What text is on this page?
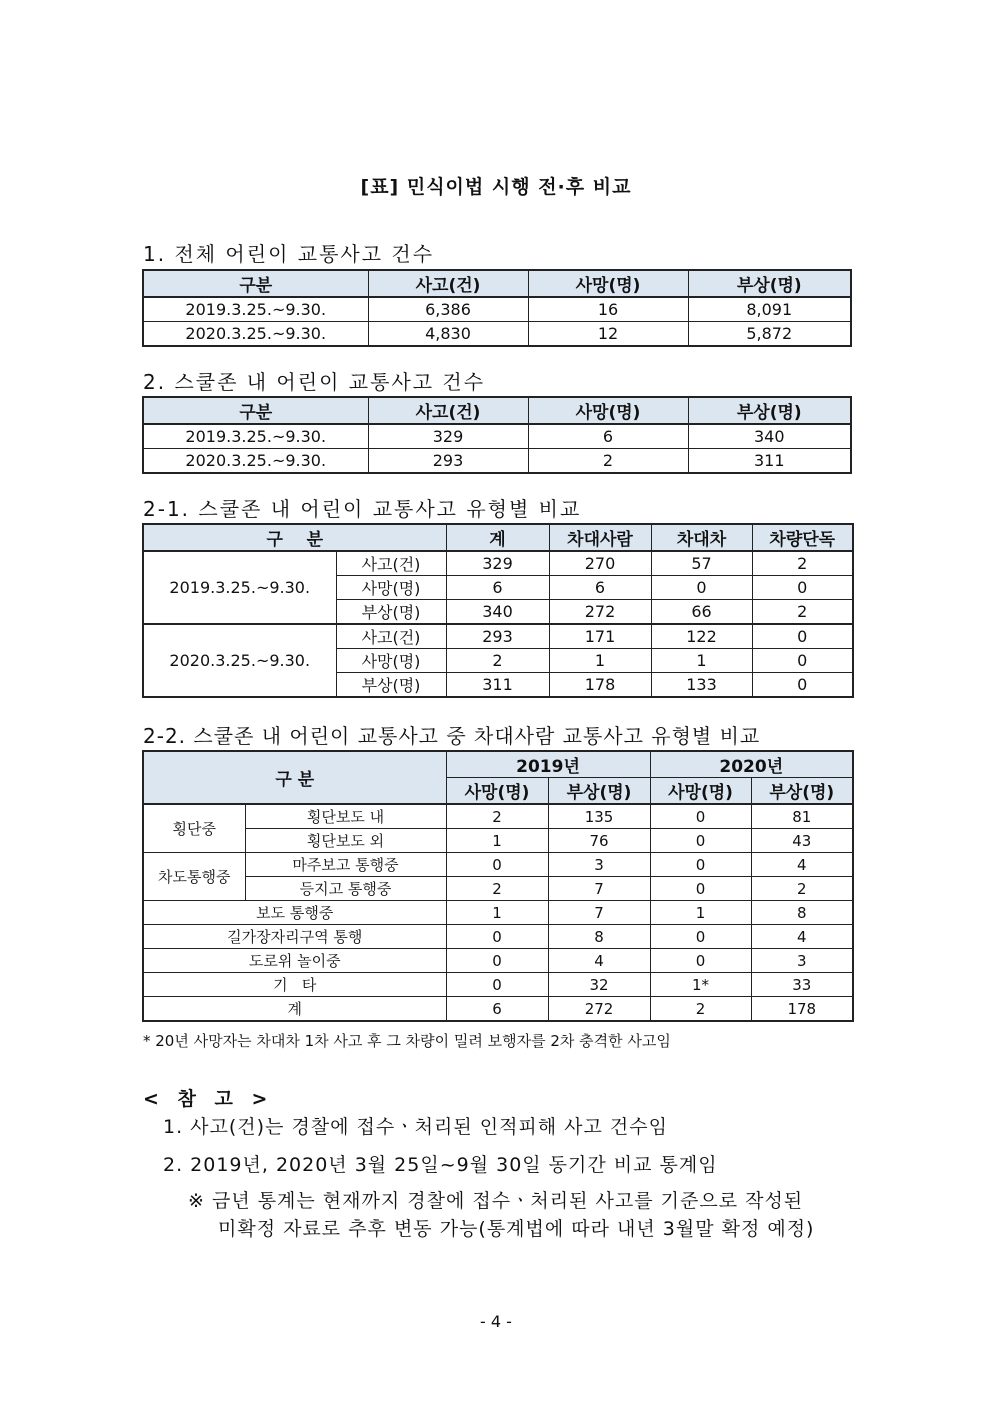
[표] 민식이법 시행 전·후 비교
1. 전체 어린이 교통사고 건수
구분	사고(건)	사망(명)	부상(명)
2019.3.25.~9.30.	6,386	16	8,091
2020.3.25.~9.30.	4,830	12	5,872
2. 스쿨존 내 어린이 교통사고 건수
구분	사고(건)	사망(명)	부상(명)
2019.3.25.~9.30.	329	6	340
2020.3.25.~9.30.	293	2	311
2-1. 스쿨존 내 어린이 교통사고 유형별 비교
구    분		계	차대사람	차대차	차량단독
2019.3.25.~9.30.	사고(건)	329	270	57	2
	사망(명)	6	6	0	0
	부상(명)	340	272	66	2
2020.3.25.~9.30.	사고(건)	293	171	122	0
	사망(명)	2	1	1	0
	부상(명)	311	178	133	0
2-2. 스쿨존 내 어린이 교통사고 중 차대사람 교통사고 유형별 비교
구 분		2019년		2020년	
		사망(명)	부상(명)	사망(명)	부상(명)
횡단중	횡단보도 내	2	135	0	81
	횡단보도 외	1	76	0	43
차도통행중	마주보고 통행중	0	3	0	4
	등지고 통행중	2	7	0	2
보도 통행중		1	7	1	8
길가장자리구역 통행		0	8	0	4
도로위 놀이중		0	4	0	3
기   타		0	32	1*	33
계		6	272	2	178
* 20년 사망자는 차대차 1차 사고 후 그 차량이 밀려 보행자를 2차 충격한 사고임
< 참 고 >
1. 사고(건)는 경찰에 접수ㆍ처리된 인적피해 사고 건수임
2. 2019년, 2020년 3월 25일~9월 30일 동기간 비교 통계임
※ 금년 통계는 현재까지 경찰에 접수ㆍ처리된 사고를 기준으로 작성된
미확정 자료로 추후 변동 가능(통계법에 따라 내년 3월말 확정 예정)
- 4 -
